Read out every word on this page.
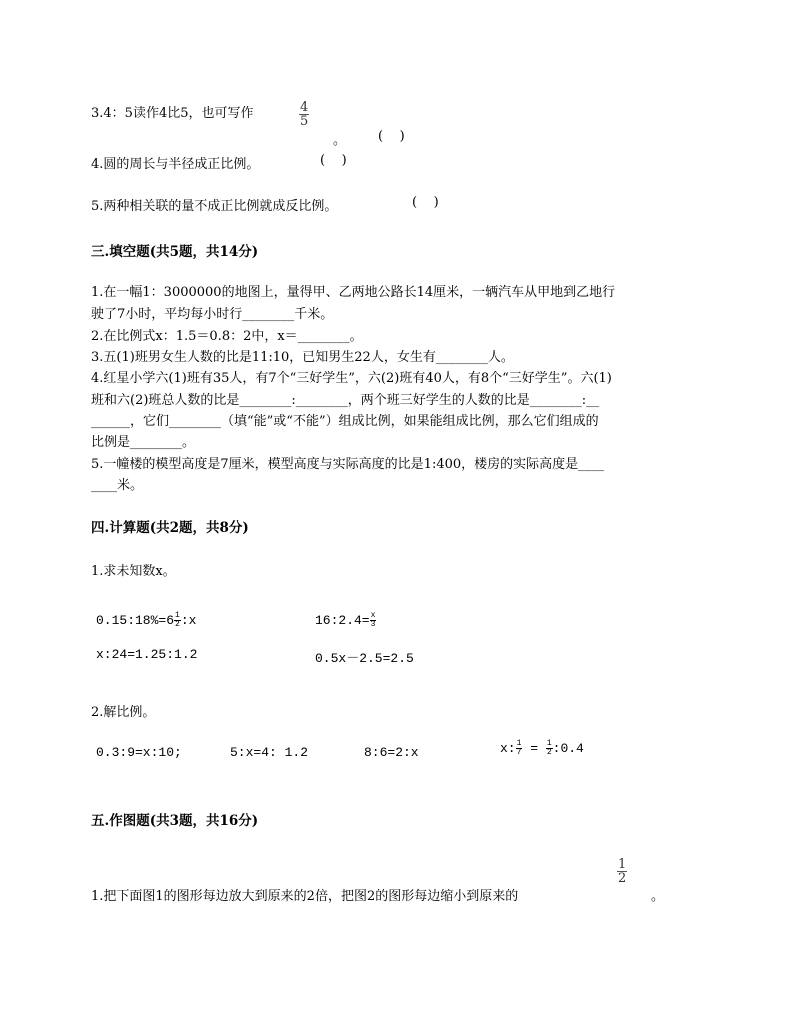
3.4：5读作4比5，也可写作	$\frac{4}{5}$
。 (    )
4.圆的周长与半径成正比例。	(    )
5.两种相关联的量不成正比例就成反比例。	(    )
三.填空题(共5题，共14分)
1.在一幅1：3000000的地图上，量得甲、乙两地公路长14厘米，一辆汽车从甲地到乙地行
驶了7小时，平均每小时行________千米。
2.在比例式x：1.5＝0.8：2中，x＝________。
3.五(1)班男女生人数的比是11:10，已知男生22人，女生有________人。
4.红星小学六(1)班有35人，有7个“三好学生”，六(2)班有40人，有8个“三好学生”。六(1)
班和六(2)班总人数的比是________:________，两个班三好学生的人数的比是________:__
______，它们________（填“能”或“不能”）组成比例，如果能组成比例，那么它们组成的
比例是________。
5.一幢楼的模型高度是7厘米，模型高度与实际高度的比是1:400，楼房的实际高度是____
____米。
四.计算题(共2题，共8分)
1.求未知数x。
0.15:18%=6 $\frac{1}{2}$ :x	16:2.4= $\frac{x}{3}$
x:24=1.25:1.2	0.5x－2.5=2.5
2.解比例。
0.3:9=x:10;	5:x=4: 1.2	8:6=2:x	x: $\frac{1}{7} = \frac{1}{2}$ :0.4
五.作图题(共3题，共16分)
1.把下面图1的图形每边放大到原来的2倍，把图2的图形每边缩小到原来的
$\frac{1}{2}$
。
